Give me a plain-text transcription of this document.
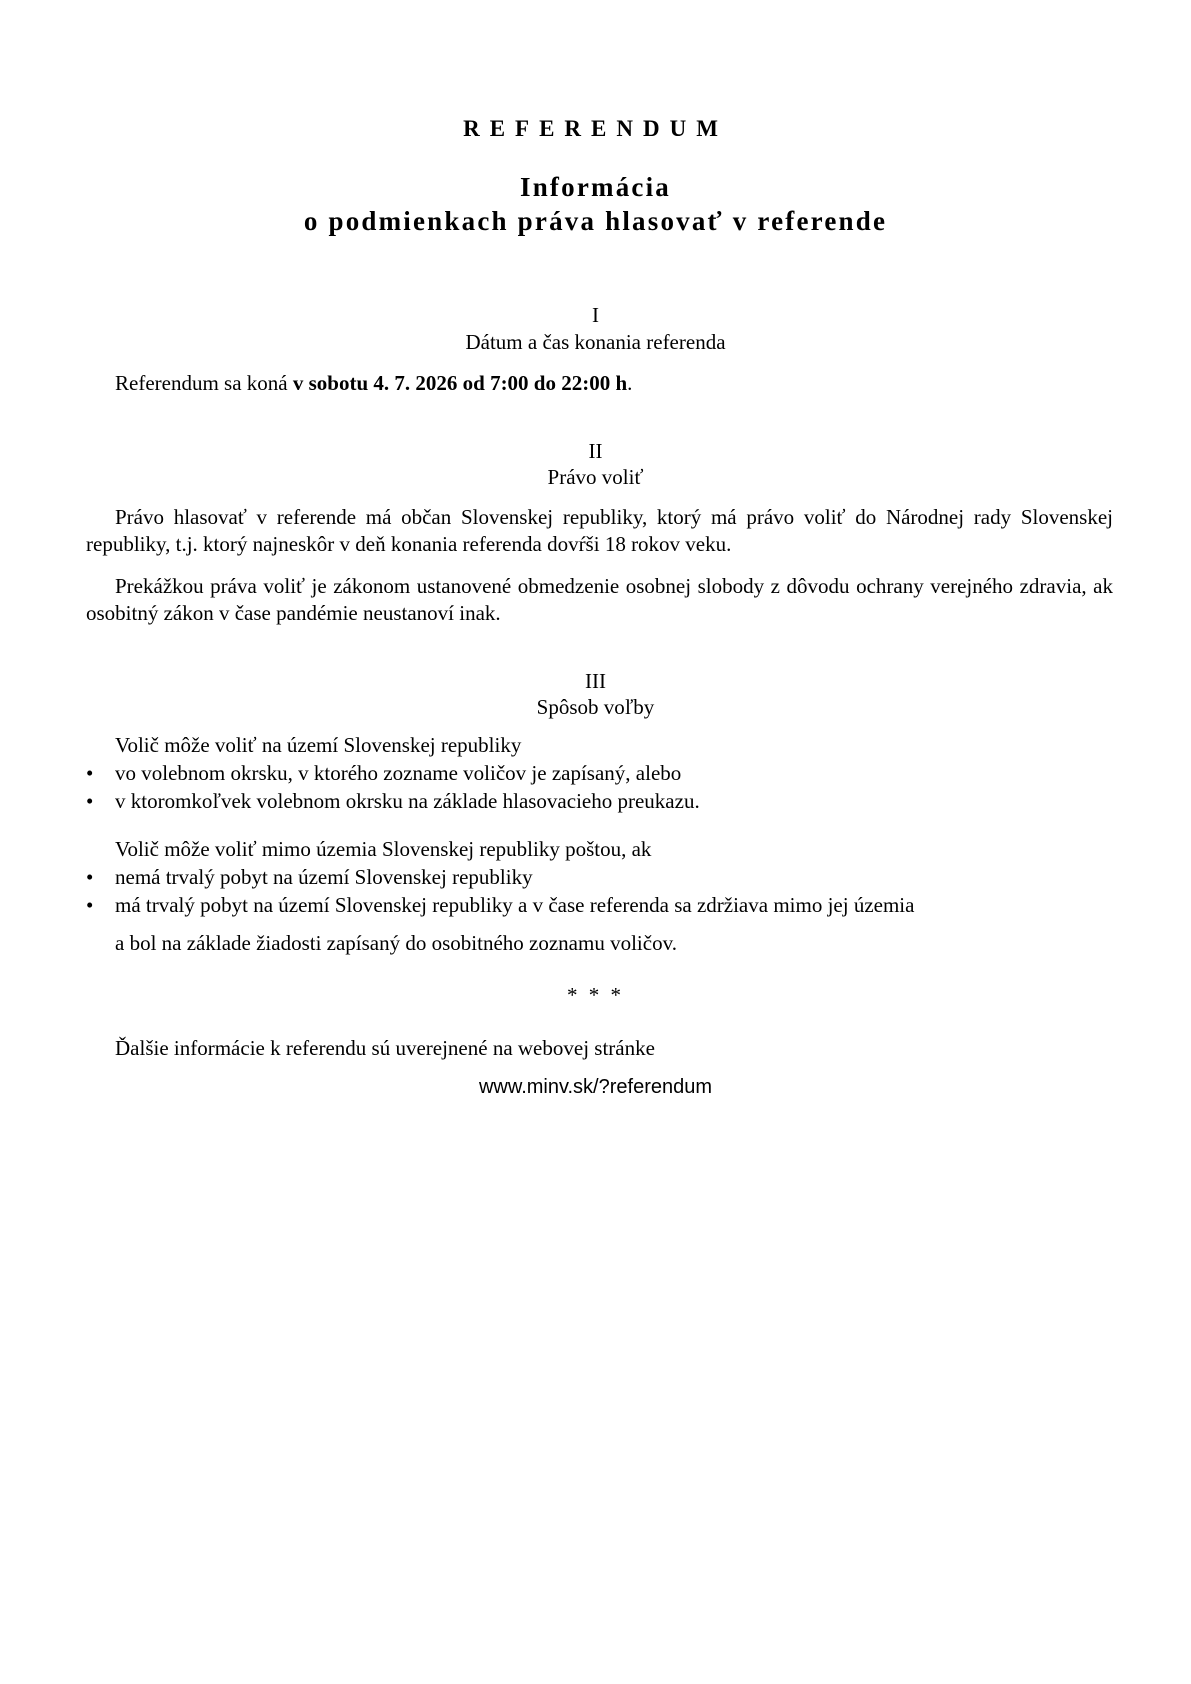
REFERENDUM
Informácia
o podmienkach práva hlasovať v referende
I
Dátum a čas konania referenda
Referendum sa koná v sobotu 4. 7. 2026 od 7:00 do 22:00 h.
II
Právo voliť
Právo hlasovať v referende má občan Slovenskej republiky, ktorý má právo voliť do Národnej rady Slovenskej republiky, t.j. ktorý najneskôr v deň konania referenda dovŕši 18 rokov veku.
Prekážkou práva voliť je zákonom ustanovené obmedzenie osobnej slobody z dôvodu ochrany verejného zdravia, ak osobitný zákon v čase pandémie neustanoví inak.
III
Spôsob voľby
Volič môže voliť na území Slovenskej republiky
• vo volebnom okrsku, v ktorého zozname voličov je zapísaný, alebo
• v ktoromkoľvek volebnom okrsku na základe hlasovacieho preukazu.
Volič môže voliť mimo územia Slovenskej republiky poštou, ak
• nemá trvalý pobyt na území Slovenskej republiky
• má trvalý pobyt na území Slovenskej republiky a v čase referenda sa zdržiava mimo jej územia
a bol na základe žiadosti zapísaný do osobitného zoznamu voličov.
* * *
Ďalšie informácie k referendu sú uverejnené na webovej stránke
www.minv.sk/?referendum
